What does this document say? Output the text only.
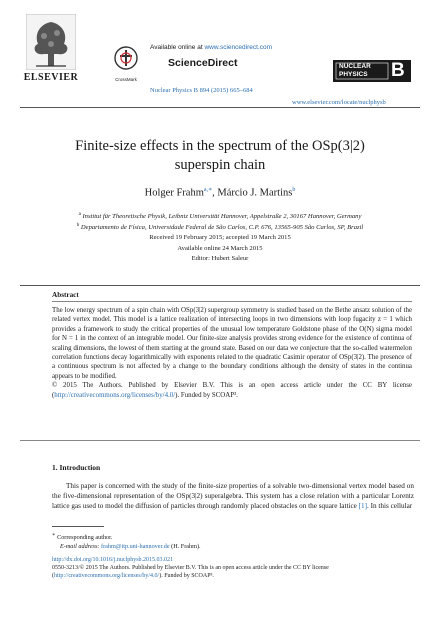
ELSEVIER	CrossMark
Available online at www.sciencedirect.com
ScienceDirect
Nuclear Physics B 894 (2015) 665–684
NUCLEAR
PHYSICS B
www.elsevier.com/locate/nuclphysb
Finite-size effects in the spectrum of the OSp(3|2)
superspin chain
Holger Frahm$^{a,∗}$, Márcio J. Martins$^b$
$^a$ Institut für Theoretische Physik, Leibniz Universität Hannover, Appelstraße 2, 30167 Hannover, Germany
$^b$ Departamento de Física, Universidade Federal de São Carlos, C.P. 676, 13565-905 São Carlos, SP, Brazil
Received 19 February 2015; accepted 19 March 2015
Available online 24 March 2015
Editor: Hubert Saleur
Abstract

The low energy spectrum of a spin chain with OSp(3|2) supergroup symmetry is studied based on the Bethe ansatz solution of the related vertex model. This model is a lattice realization of intersecting loops in two dimensions with loop fugacity z = 1 which provides a framework to study the critical properties of the unusual low temperature Goldstone phase of the O(N) sigma model for N = 1 in the context of an integrable model. Our finite-size analysis provides strong evidence for the existence of continua of scaling dimensions, the lowest of them starting at the ground state. Based on our data we conjecture that the so-called watermelon correlation functions decay logarithmically with exponents related to the quadratic Casimir operator of OSp(3|2). The presence of a continuous spectrum is not affected by a change to the boundary conditions although the density of states in the continua appears to be modified.

© 2015 The Authors. Published by Elsevier B.V. This is an open access article under the CC BY license (http://creativecommons.org/licenses/by/4.0/). Funded by SCOAP³.

1. Introduction

This paper is concerned with the study of the finite-size properties of a solvable two-dimensional vertex model based on the five-dimensional representation of the OSp(3|2) superalgebra. This system has a close relation with a particular Lorentz lattice gas used to model the diffusion of particles through randomly placed obstacles on the square lattice [1]. In this cellular

∗ Corresponding author.
E-mail address: frahm@itp.uni-hannover.de (H. Frahm).
http://dx.doi.org/10.1016/j.nuclphysb.2015.03.021
0550-3213/© 2015 The Authors. Published by Elsevier B.V. This is an open access article under the CC BY license (http://creativecommons.org/licenses/by/4.0/). Funded by SCOAP³.
